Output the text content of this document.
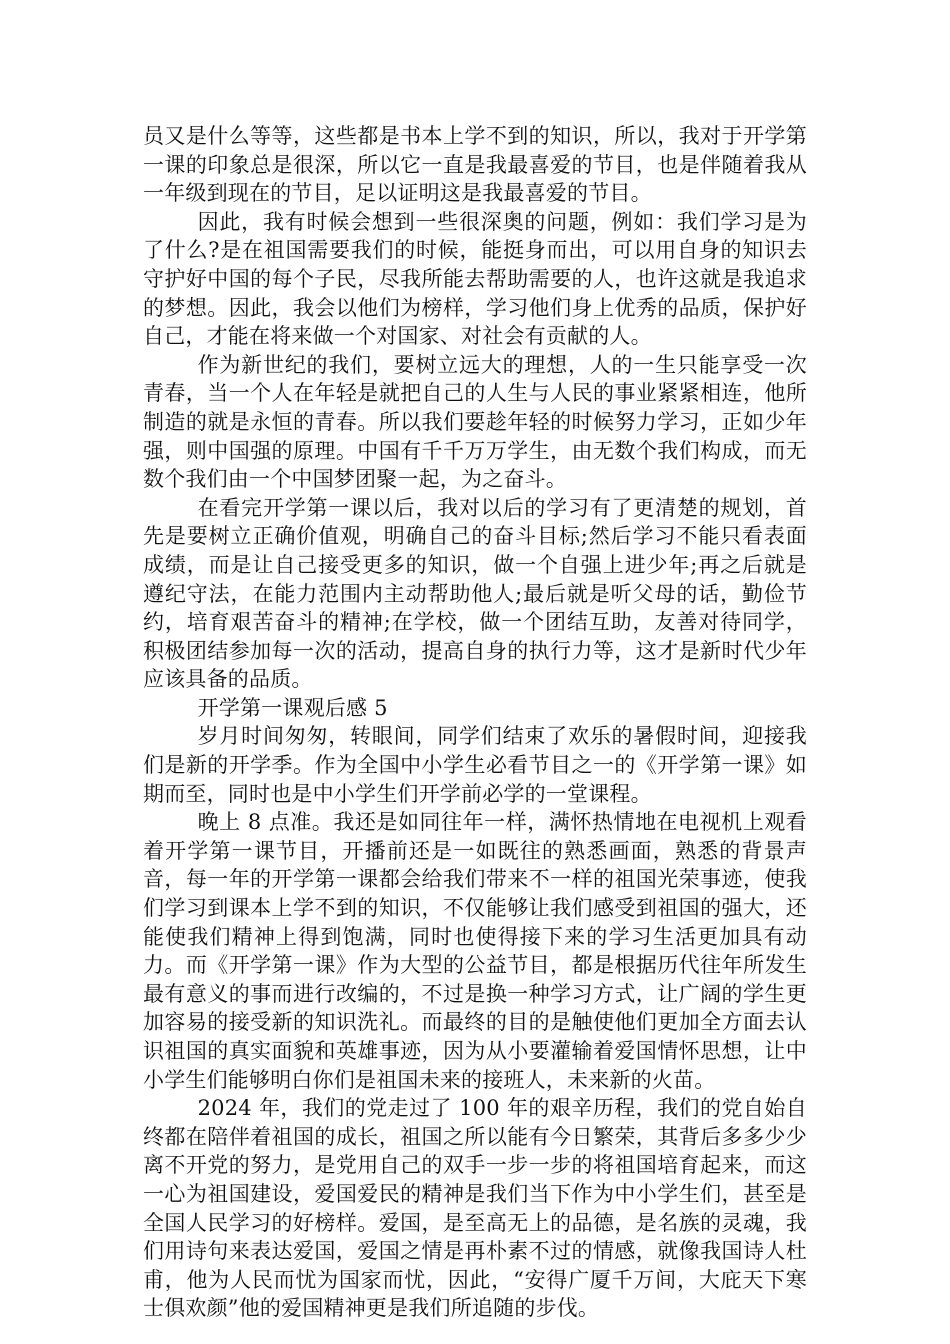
员又是什么等等，这些都是书本上学不到的知识，所以，我对于开学第一课的印象总是很深，所以它一直是我最喜爱的节目，也是伴随着我从一年级到现在的节目，足以证明这是我最喜爱的节目。

因此，我有时候会想到一些很深奥的问题，例如：我们学习是为了什么?是在祖国需要我们的时候，能挺身而出，可以用自身的知识去守护好中国的每个子民，尽我所能去帮助需要的人，也许这就是我追求的梦想。因此，我会以他们为榜样，学习他们身上优秀的品质，保护好自己，才能在将来做一个对国家、对社会有贡献的人。

作为新世纪的我们，要树立远大的理想，人的一生只能享受一次青春，当一个人在年轻是就把自己的人生与人民的事业紧紧相连，他所制造的就是永恒的青春。所以我们要趁年轻的时候努力学习，正如少年强，则中国强的原理。中国有千千万万学生，由无数个我们构成，而无数个我们由一个中国梦团聚一起，为之奋斗。

在看完开学第一课以后，我对以后的学习有了更清楚的规划，首先是要树立正确价值观，明确自己的奋斗目标;然后学习不能只看表面成绩，而是让自己接受更多的知识，做一个自强上进少年;再之后就是遵纪守法，在能力范围内主动帮助他人;最后就是听父母的话，勤俭节约，培育艰苦奋斗的精神;在学校，做一个团结互助，友善对待同学，积极团结参加每一次的活动，提高自身的执行力等，这才是新时代少年应该具备的品质。

开学第一课观后感 5

岁月时间匆匆，转眼间，同学们结束了欢乐的暑假时间，迎接我们是新的开学季。作为全国中小学生必看节目之一的《开学第一课》如期而至，同时也是中小学生们开学前必学的一堂课程。

晚上 8 点准。我还是如同往年一样，满怀热情地在电视机上观看着开学第一课节目，开播前还是一如既往的熟悉画面，熟悉的背景声音，每一年的开学第一课都会给我们带来不一样的祖国光荣事迹，使我们学习到课本上学不到的知识，不仅能够让我们感受到祖国的强大，还能使我们精神上得到饱满，同时也使得接下来的学习生活更加具有动力。而《开学第一课》作为大型的公益节目，都是根据历代往年所发生最有意义的事而进行改编的，不过是换一种学习方式，让广阔的学生更加容易的接受新的知识洗礼。而最终的目的是触使他们更加全方面去认识祖国的真实面貌和英雄事迹，因为从小要灌输着爱国情怀思想，让中小学生们能够明白你们是祖国未来的接班人，未来新的火苗。

2024 年，我们的党走过了 100 年的艰辛历程，我们的党自始自终都在陪伴着祖国的成长，祖国之所以能有今日繁荣，其背后多多少少离不开党的努力，是党用自己的双手一步一步的将祖国培育起来，而这一心为祖国建设，爱国爱民的精神是我们当下作为中小学生们，甚至是全国人民学习的好榜样。爱国，是至高无上的品德，是名族的灵魂，我们用诗句来表达爱国，爱国之情是再朴素不过的情感，就像我国诗人杜甫，他为人民而忧为国家而忧，因此，“安得广厦千万间，大庇天下寒士俱欢颜”他的爱国精神更是我们所追随的步伐。
